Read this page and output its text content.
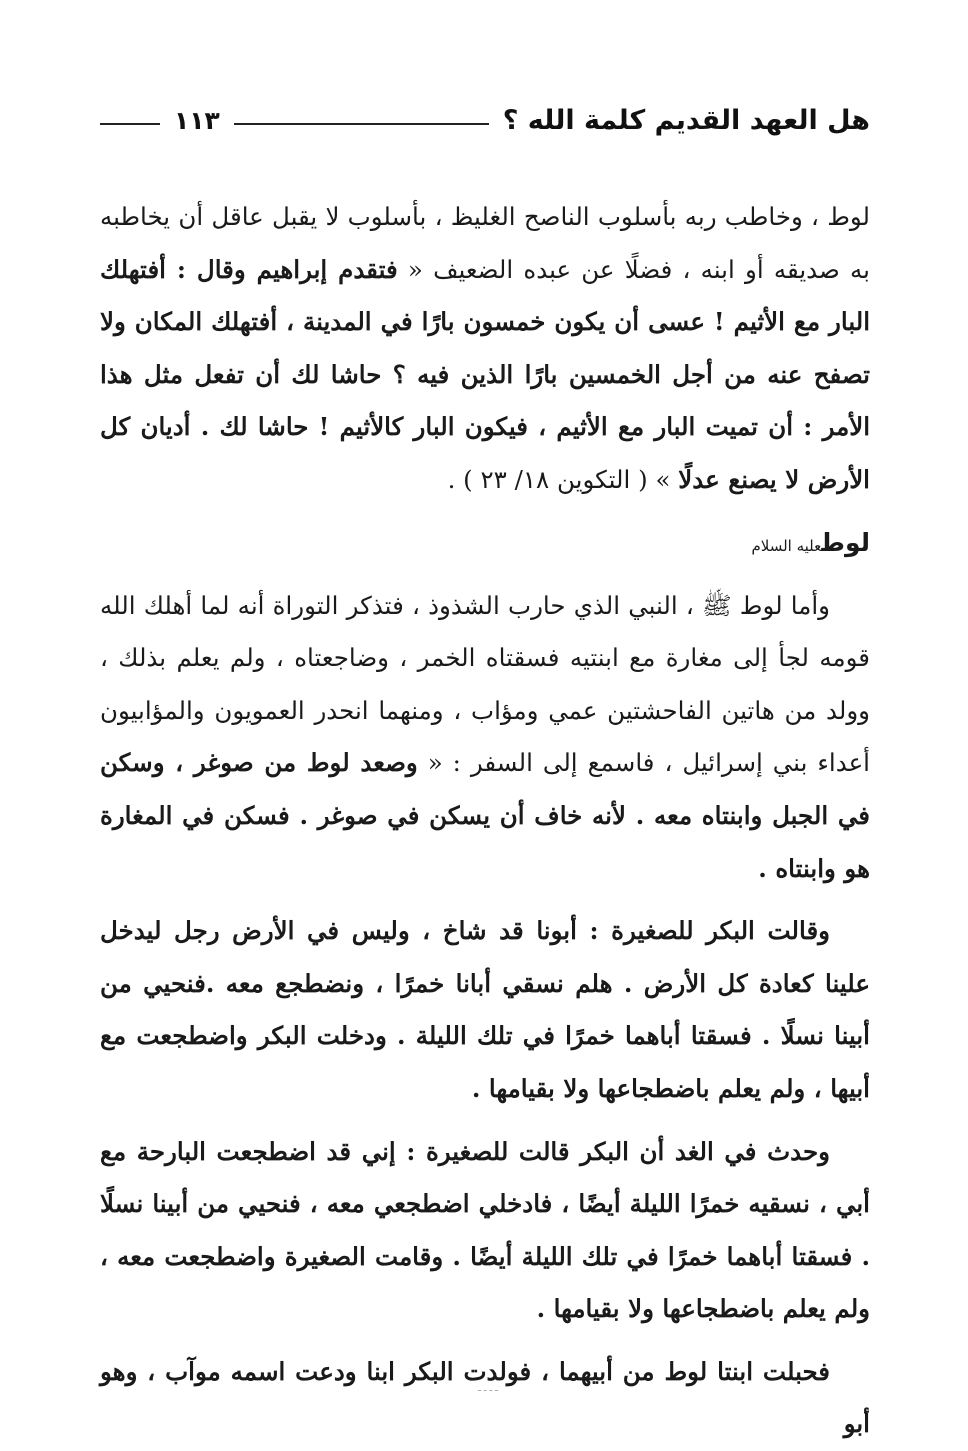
هل العهد القديم كلمة الله ؟
١١٣

لوط ، وخاطب ربه بأسلوب الناصح الغليظ ، بأسلوب لا يقبل عاقل أن يخاطبه به صديقه أو ابنه ، فضلًا عن عبده الضعيف « فتقدم إبراهيم وقال : أفتهلك البار مع الأثيم ! عسى أن يكون خمسون بارًا في المدينة ، أفتهلك المكان ولا تصفح عنه من أجل الخمسين بارًا الذين فيه ؟ حاشا لك أن تفعل مثل هذا الأمر : أن تميت البار مع الأثيم ، فيكون البار كالأثيم ! حاشا لك . أديان كل الأرض لا يصنع عدلًا » ( التكوين ١٨/ ٢٣ ) .

لوطعليه السلام

وأما لوط ﷺ ، النبي الذي حارب الشذوذ ، فتذكر التوراة أنه لما أهلك الله قومه لجأ إلى مغارة مع ابنتيه فسقتاه الخمر ، وضاجعتاه ، ولم يعلم بذلك ، وولد من هاتين الفاحشتين عمي ومؤاب ، ومنهما انحدر العمويون والمؤابيون أعداء بني إسرائيل ، فاسمع إلى السفر : « وصعد لوط من صوغر ، وسكن في الجبل وابنتاه معه . لأنه خاف أن يسكن في صوغر . فسكن في المغارة هو وابنتاه .

وقالت البكر للصغيرة : أبونا قد شاخ ، وليس في الأرض رجل ليدخل علينا كعادة كل الأرض . هلم نسقي أبانا خمرًا ، ونضطجع معه .فنحيي من أبينا نسلًا . فسقتا أباهما خمرًا في تلك الليلة . ودخلت البكر واضطجعت مع أبيها ، ولم يعلم باضطجاعها ولا بقيامها .

وحدث في الغد أن البكر قالت للصغيرة : إني قد اضطجعت البارحة مع أبي ، نسقيه خمرًا الليلة أيضًا ، فادخلي اضطجعي معه ، فنحيي من أبينا نسلًا . فسقتا أباهما خمرًا في تلك الليلة أيضًا . وقامت الصغيرة واضطجعت معه ، ولم يعلم باضطجاعها ولا بقيامها .

فحبلت ابنتا لوط من أبيهما ، فولدت البكر ابنا ودعت اسمه موآب ، وهو أبو
